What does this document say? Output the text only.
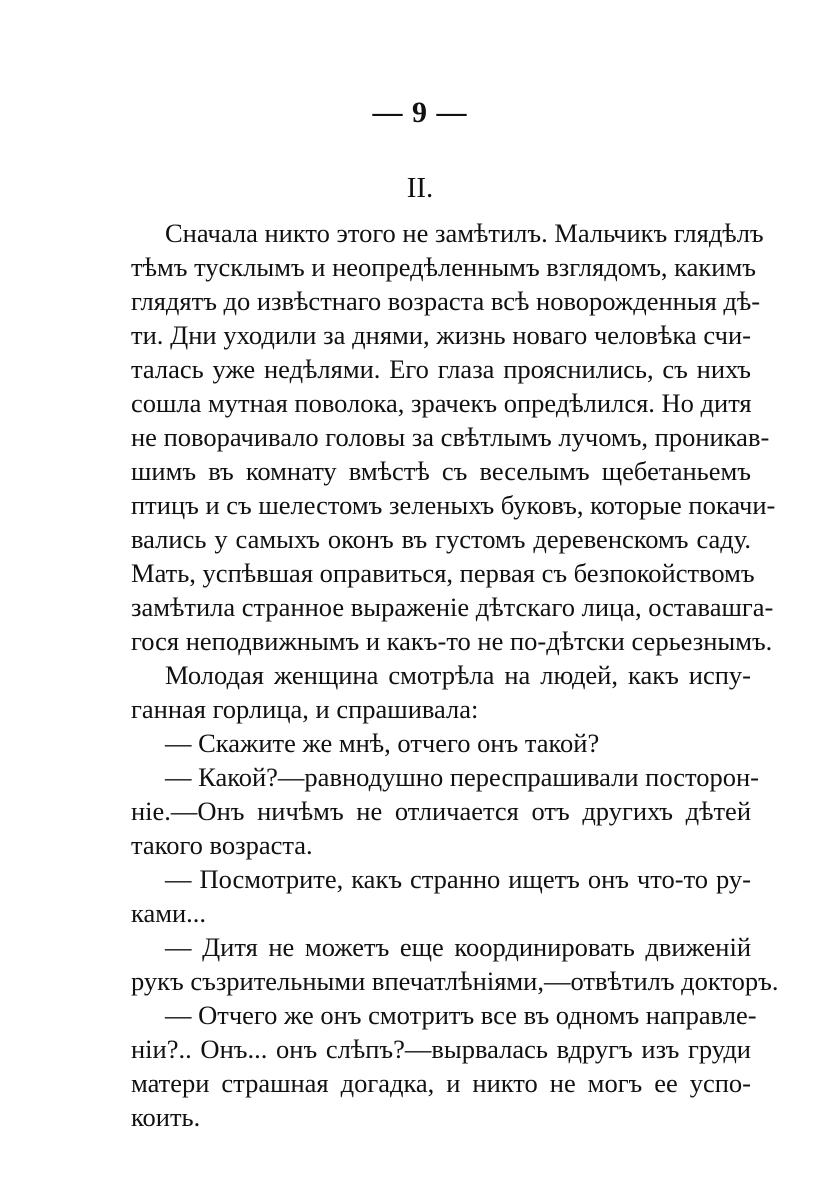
— 9 —
II.
Сначала никто этого не замѣтилъ. Мальчикъ глядѣлъ
тѣмъ тусклымъ и неопредѣленнымъ взглядомъ, какимъ
глядятъ до извѣстнаго возраста всѣ новорожденныя дѣ-
ти. Дни уходили за днями, жизнь новаго человѣка счи-
талась уже недѣлями. Его глаза прояснились, съ нихъ
сошла мутная поволока, зрачекъ опредѣлился. Но дитя
не поворачивало головы за свѣтлымъ лучомъ, проникав-
шимъ въ комнату вмѣстѣ съ веселымъ щебетаньемъ
птицъ и съ шелестомъ зеленыхъ буковъ, которые покачи-
вались у самыхъ оконъ въ густомъ деревенскомъ саду.
Мать, успѣвшая оправиться, первая съ безпокойствомъ
замѣтила странное выраженіе дѣтскаго лица, оставашга-
гося неподвижнымъ и какъ-то не по-дѣтски серьезнымъ.
Молодая женщина смотрѣла на людей, какъ испу-
ганная горлица, и спрашивала:
— Скажите же мнѣ, отчего онъ такой?
— Какой?—равнодушно переспрашивали посторон-
ніе.—Онъ ничѣмъ не отличается отъ другихъ дѣтей
такого возраста.
— Посмотрите, какъ странно ищетъ онъ что-то ру-
ками...
— Дитя не можетъ еще координировать движеній
рукъ съзрительными впечатлѣніями,—отвѣтилъ докторъ.
— Отчего же онъ смотритъ все въ одномъ направле-
ніи?.. Онъ... онъ слѣпъ?—вырвалась вдругъ изъ груди
матери страшная догадка, и никто не могъ ее успо-
коить.
